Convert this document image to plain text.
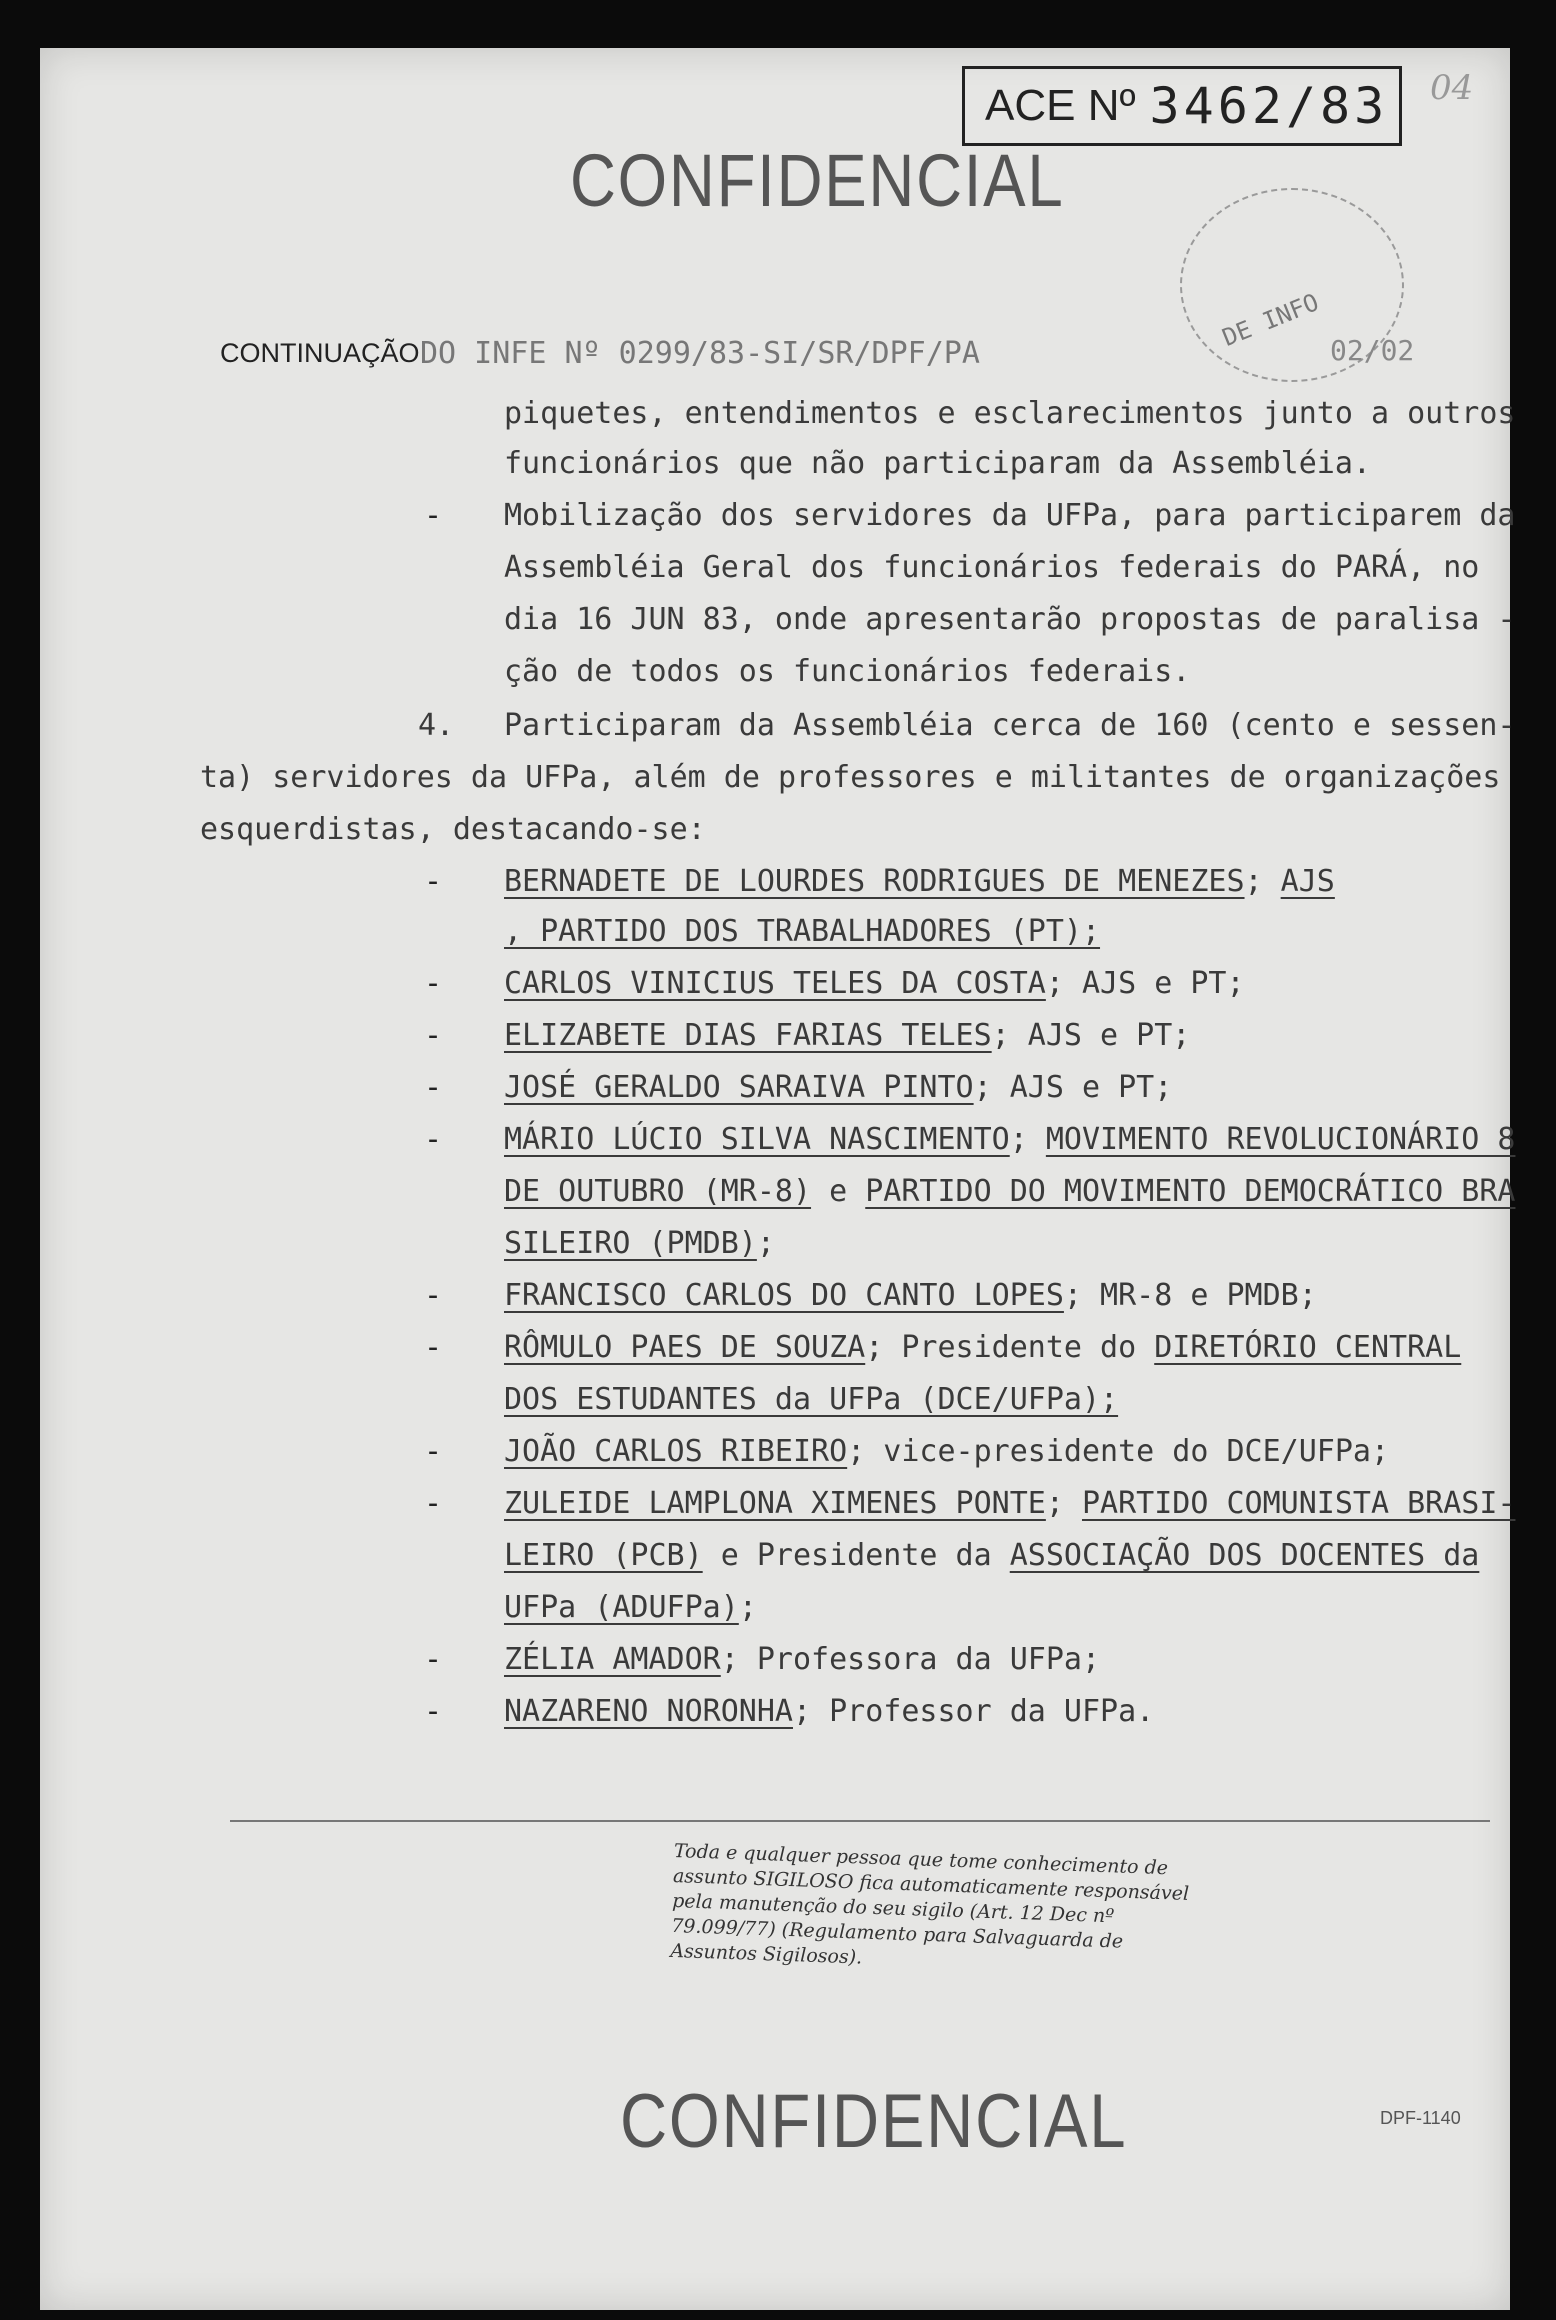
ACE Nº 3462/83 04
CONFIDENCIAL
DE INFO 02/02
CONTINUAÇÃO DO INFE Nº 0299/83-SI/SR/DPF/PA
piquetes, entendimentos e esclarecimentos junto a outros
funcionários que não participaram da Assembléia.
- Mobilização dos servidores da UFPa, para participarem da
Assembléia Geral dos funcionários federais do PARÁ, no
dia 16 JUN 83, onde apresentarão propostas de paralisa -
ção de todos os funcionários federais.
4. Participaram da Assembléia cerca de 160 (cento e sessen-
ta) servidores da UFPa, além de professores e militantes de organizações
esquerdistas, destacando-se:
- BERNADETE DE LOURDES RODRIGUES DE MENEZES; AJS
, PARTIDO DOS TRABALHADORES (PT);
- CARLOS VINICIUS TELES DA COSTA; AJS e PT;
- ELIZABETE DIAS FARIAS TELES; AJS e PT;
- JOSÉ GERALDO SARAIVA PINTO; AJS e PT;
- MÁRIO LÚCIO SILVA NASCIMENTO; MOVIMENTO REVOLUCIONÁRIO 8
DE OUTUBRO (MR-8) e PARTIDO DO MOVIMENTO DEMOCRÁTICO BRA
SILEIRO (PMDB);
- FRANCISCO CARLOS DO CANTO LOPES; MR-8 e PMDB;
- RÔMULO PAES DE SOUZA; Presidente do DIRETÓRIO CENTRAL
DOS ESTUDANTES da UFPa (DCE/UFPa);
- JOÃO CARLOS RIBEIRO; vice-presidente do DCE/UFPa;
- ZULEIDE LAMPLONA XIMENES PONTE; PARTIDO COMUNISTA BRASI-
LEIRO (PCB) e Presidente da ASSOCIAÇÃO DOS DOCENTES da
UFPa (ADUFPa);
- ZÉLIA AMADOR; Professora da UFPa;
- NAZARENO NORONHA; Professor da UFPa.
Toda e qualquer pessoa que tome conhecimento de assunto SIGILOSO fica automaticamente responsável pela manutenção do seu sigilo (Art. 12 Dec nº 79.099/77) (Regulamento para Salvaguarda de Assuntos Sigilosos).
CONFIDENCIAL	DPF-1140
